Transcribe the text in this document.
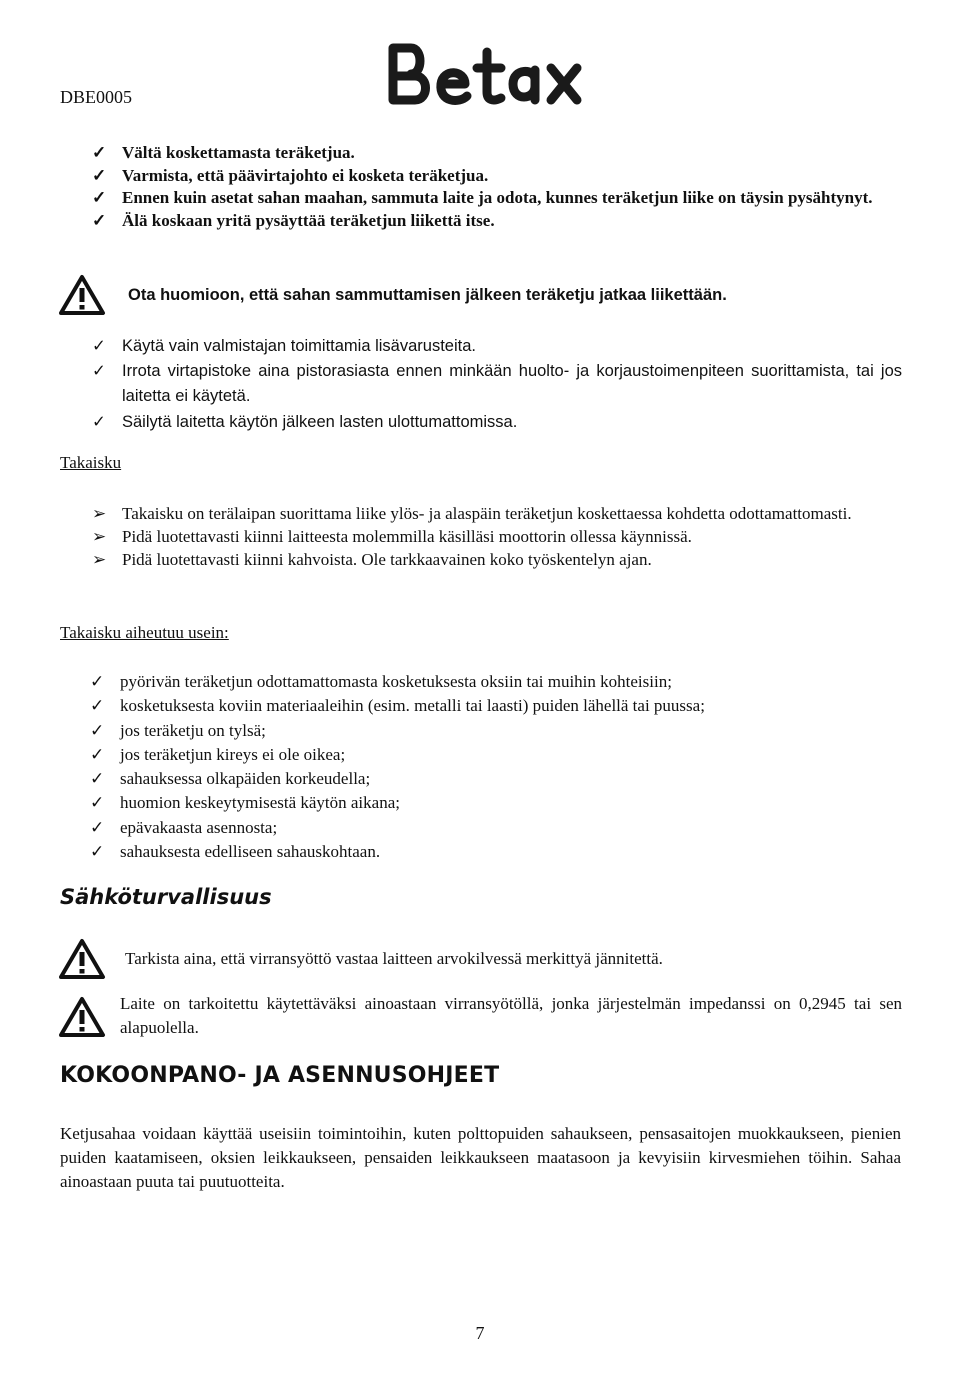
DBE0005
✓ Vältä koskettamasta teräketjua.
✓ Varmista, että päävirtajohto ei kosketa teräketjua.
✓ Ennen kuin asetat sahan maahan, sammuta laite ja odota, kunnes teräketjun liike on täysin pysähtynyt.
✓ Älä koskaan yritä pysäyttää teräketjun liikettä itse.
Ota huomioon, että sahan sammuttamisen jälkeen teräketju jatkaa liikettään.
✓ Käytä vain valmistajan toimittamia lisävarusteita.
✓ Irrota virtapistoke aina pistorasiasta ennen minkään huolto- ja korjaustoimenpiteen suorittamista, tai jos laitetta ei käytetä.
✓ Säilytä laitetta käytön jälkeen lasten ulottumattomissa.
Takaisku
➢ Takaisku on terälaipan suorittama liike ylös- ja alaspäin teräketjun koskettaessa kohdetta odottamattomasti.
➢ Pidä luotettavasti kiinni laitteesta molemmilla käsilläsi moottorin ollessa käynnissä.
➢ Pidä luotettavasti kiinni kahvoista. Ole tarkkaavainen koko työskentelyn ajan.
Takaisku aiheutuu usein:
✓ pyörivän teräketjun odottamattomasta kosketuksesta oksiin tai muihin kohteisiin;
✓ kosketuksesta koviin materiaaleihin (esim. metalli tai laasti) puiden lähellä tai puussa;
✓ jos teräketju on tylsä;
✓ jos teräketjun kireys ei ole oikea;
✓ sahauksessa olkapäiden korkeudella;
✓ huomion keskeytymisestä käytön aikana;
✓ epävakaasta asennosta;
✓ sahauksesta edelliseen sahauskohtaan.
Sähköturvallisuus
Tarkista aina, että virransyöttö vastaa laitteen arvokilvessä merkittyä jännitettä.
Laite on tarkoitettu käytettäväksi ainoastaan virransyötöllä, jonka järjestelmän impedanssi on 0,2945 tai sen alapuolella.
KOKOONPANO- JA ASENNUSOHJEET

Ketjusahaa voidaan käyttää useisiin toimintoihin, kuten polttopuiden sahaukseen, pensasaitojen muokkaukseen, pienien puiden kaatamiseen, oksien leikkaukseen, pensaiden leikkaukseen maatasoon ja kevyisiin kirvesmiehen töihin. Sahaa ainoastaan puuta tai puutuotteita.

7
